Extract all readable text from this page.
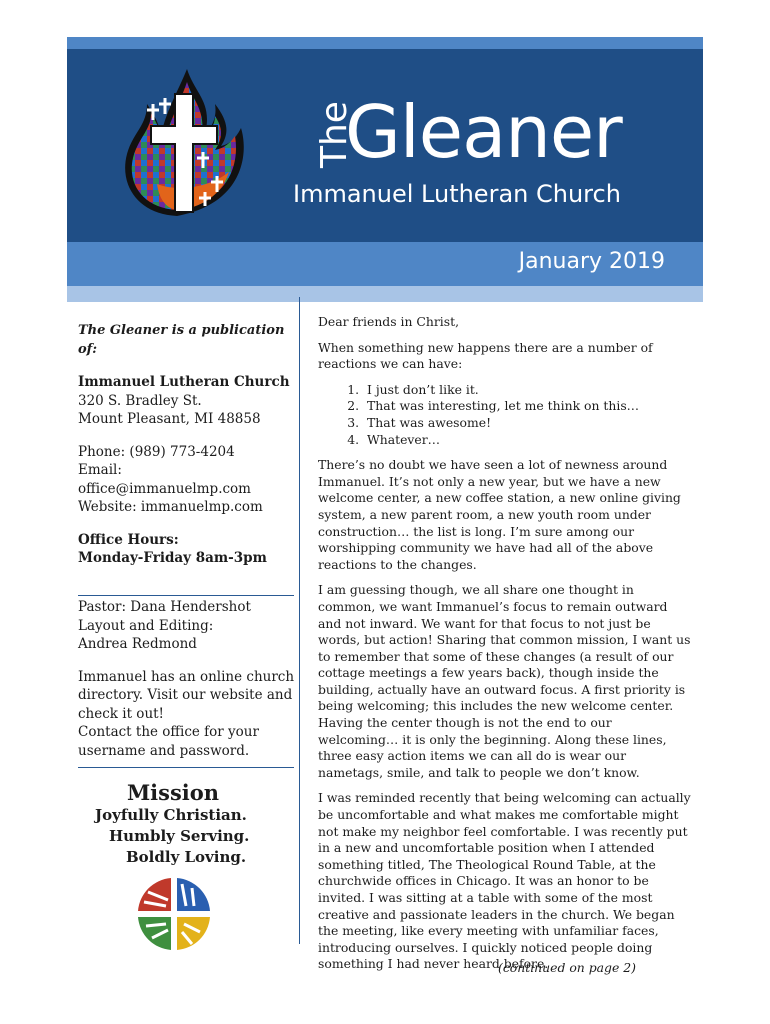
The
Gleaner
Immanuel Lutheran Church
January 2019

The Gleaner is a publication of:

Immanuel Lutheran Church

320 S. Bradley St.

Mount Pleasant, MI 48858

Phone: (989) 773-4204

Email: office@immanuelmp.com

Website: immanuelmp.com

Office Hours:

Monday-Friday 8am-3pm

Pastor: Dana Hendershot

Layout and Editing:

Andrea Redmond

Immanuel has an online church directory. Visit our website and check it out!

Contact the office for your username and password.

Mission
Joyfully Christian.
Humbly Serving.
Boldly Loving.

Dear friends in Christ,

When something new happens there are a number of reactions we can have:

1. I just don’t like it.
2. That was interesting, let me think on this…
3. That was awesome!
4. Whatever…

There’s no doubt we have seen a lot of newness around Immanuel. It’s not only a new year, but we have a new welcome center, a new coffee station, a new online giving system, a new parent room, a new youth room under construction… the list is long. I’m sure among our worshipping community we have had all of the above reactions to the changes.

I am guessing though, we all share one thought in common, we want Immanuel’s focus to remain outward and not inward. We want for that focus to not just be words, but action! Sharing that common mission, I want us to remember that some of these changes (a result of our cottage meetings a few years back), though inside the building, actually have an outward focus. A first priority is being welcoming; this includes the new welcome center. Having the center though is not the end to our welcoming… it is only the beginning. Along these lines, three easy action items we can all do is wear our nametags, smile, and talk to people we don’t know.

I was reminded recently that being welcoming can actually be uncomfortable and what makes me comfortable might not make my neighbor feel comfortable. I was recently put in a new and uncomfortable position when I attended something titled, The Theological Round Table, at the churchwide offices in Chicago. It was an honor to be invited. I was sitting at a table with some of the most creative and passionate leaders in the church. We began the meeting, like every meeting with unfamiliar faces, introducing ourselves. I quickly noticed people doing something I had never heard before.

(continued on page 2)
